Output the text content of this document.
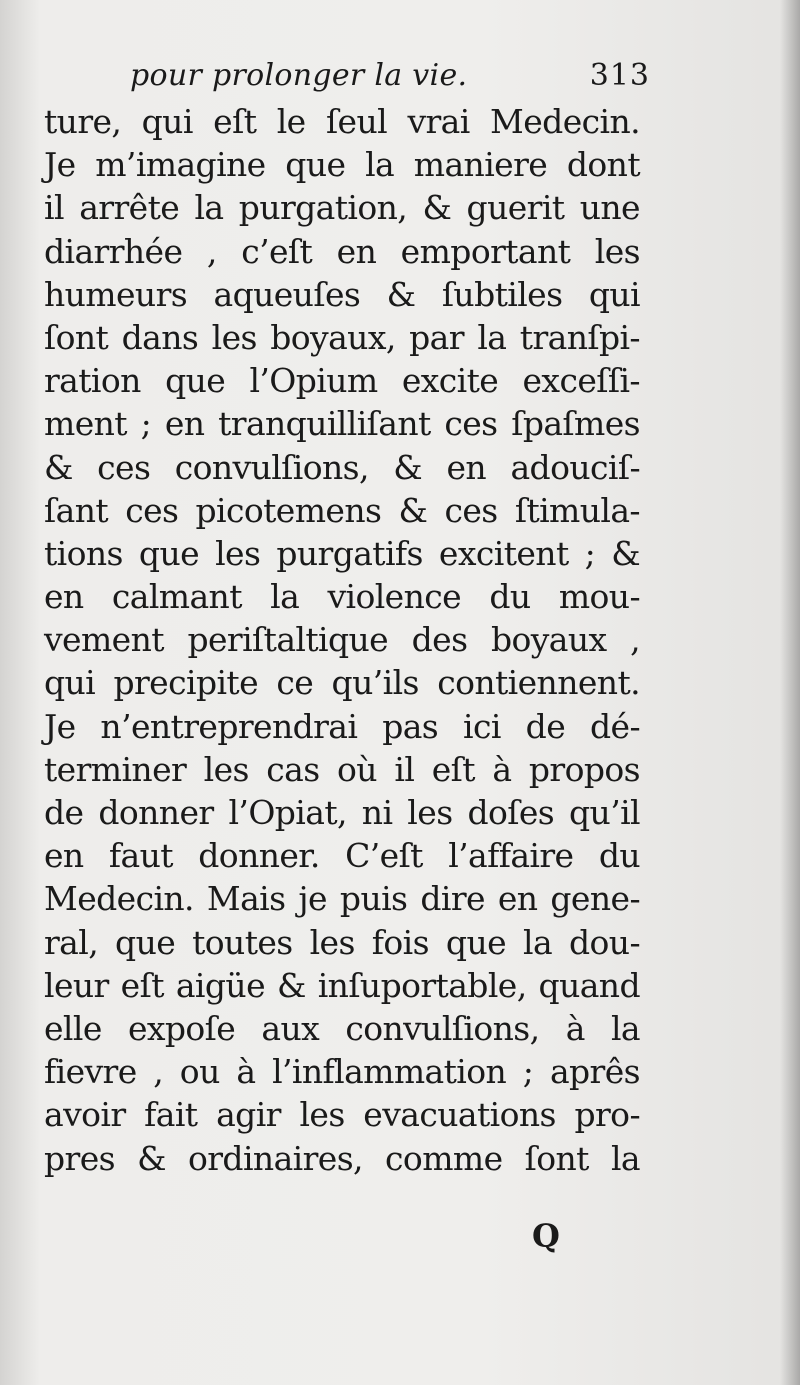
pour prolonger la vie.	313
ture, qui eſt le ſeul vrai Medecin.
Je m’imagine que la maniere dont
il arrête la purgation, & guerit une
diarrhée , c’eſt en emportant les
humeurs aqueuſes & ſubtiles qui
ſont dans les boyaux, par la tranſpi-
ration que l’Opium excite exceſſi-
ment ; en tranquilliſant ces ſpaſmes
& ces convulſions, & en adouciſ-
ſant ces picotemens & ces ſtimula-
tions que les purgatifs excitent ; &
en calmant la violence du mou-
vement periſtaltique des boyaux ,
qui precipite ce qu’ils contiennent.
Je n’entreprendrai pas ici de dé-
terminer les cas où il eſt à propos
de donner l’Opiat, ni les doſes qu’il
en faut donner. C’eſt l’affaire du
Medecin. Mais je puis dire en gene-
ral, que toutes les fois que la dou-
leur eſt aigüe & inſuportable, quand
elle expoſe aux convulſions, à la
fievre , ou à l’inflammation ; aprês
avoir fait agir les evacuations pro-
pres & ordinaires, comme ſont la
Q
